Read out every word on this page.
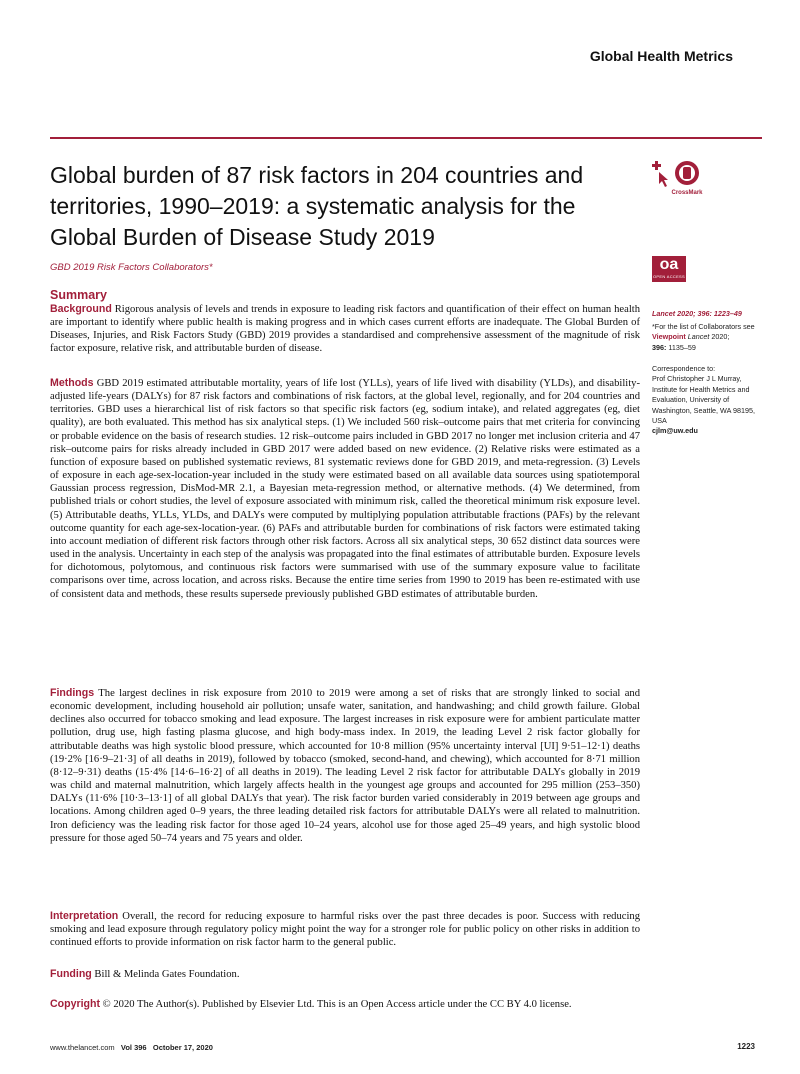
Global Health Metrics
Global burden of 87 risk factors in 204 countries and territories, 1990–2019: a systematic analysis for the Global Burden of Disease Study 2019
CrossMark
GBD 2019 Risk Factors Collaborators*	oa
OPEN ACCESS
Summary

Background Rigorous analysis of levels and trends in exposure to leading risk factors and quantification of their effect on human health are important to identify where public health is making progress and in which cases current efforts are inadequate. The Global Burden of Diseases, Injuries, and Risk Factors Study (GBD) 2019 provides a standardised and comprehensive assessment of the magnitude of risk factor exposure, relative risk, and attributable burden of disease.

Methods GBD 2019 estimated attributable mortality, years of life lost (YLLs), years of life lived with disability (YLDs), and disability-adjusted life-years (DALYs) for 87 risk factors and combinations of risk factors, at the global level, regionally, and for 204 countries and territories. GBD uses a hierarchical list of risk factors so that specific risk factors (eg, sodium intake), and related aggregates (eg, diet quality), are both evaluated. This method has six analytical steps. (1) We included 560 risk–outcome pairs that met criteria for convincing or probable evidence on the basis of research studies. 12 risk–outcome pairs included in GBD 2017 no longer met inclusion criteria and 47 risk–outcome pairs for risks already included in GBD 2017 were added based on new evidence. (2) Relative risks were estimated as a function of exposure based on published systematic reviews, 81 systematic reviews done for GBD 2019, and meta-regression. (3) Levels of exposure in each age-sex-location-year included in the study were estimated based on all available data sources using spatiotemporal Gaussian process regression, DisMod-MR 2.1, a Bayesian meta-regression method, or alternative methods. (4) We determined, from published trials or cohort studies, the level of exposure associated with minimum risk, called the theoretical minimum risk exposure level. (5) Attributable deaths, YLLs, YLDs, and DALYs were computed by multiplying population attributable fractions (PAFs) by the relevant outcome quantity for each age-sex-location-year. (6) PAFs and attributable burden for combinations of risk factors were estimated taking into account mediation of different risk factors through other risk factors. Across all six analytical steps, 30 652 distinct data sources were used in the analysis. Uncertainty in each step of the analysis was propagated into the final estimates of attributable burden. Exposure levels for dichotomous, polytomous, and continuous risk factors were summarised with use of the summary exposure value to facilitate comparisons over time, across location, and across risks. Because the entire time series from 1990 to 2019 has been re-estimated with use of consistent data and methods, these results supersede previously published GBD estimates of attributable burden.

Findings The largest declines in risk exposure from 2010 to 2019 were among a set of risks that are strongly linked to social and economic development, including household air pollution; unsafe water, sanitation, and handwashing; and child growth failure. Global declines also occurred for tobacco smoking and lead exposure. The largest increases in risk exposure were for ambient particulate matter pollution, drug use, high fasting plasma glucose, and high body-mass index. In 2019, the leading Level 2 risk factor globally for attributable deaths was high systolic blood pressure, which accounted for 10·8 million (95% uncertainty interval [UI] 9·51–12·1) deaths (19·2% [16·9–21·3] of all deaths in 2019), followed by tobacco (smoked, second-hand, and chewing), which accounted for 8·71 million (8·12–9·31) deaths (15·4% [14·6–16·2] of all deaths in 2019). The leading Level 2 risk factor for attributable DALYs globally in 2019 was child and maternal malnutrition, which largely affects health in the youngest age groups and accounted for 295 million (253–350) DALYs (11·6% [10·3–13·1] of all global DALYs that year). The risk factor burden varied considerably in 2019 between age groups and locations. Among children aged 0–9 years, the three leading detailed risk factors for attributable DALYs were all related to malnutrition. Iron deficiency was the leading risk factor for those aged 10–24 years, alcohol use for those aged 25–49 years, and high systolic blood pressure for those aged 50–74 years and 75 years and older.

Interpretation Overall, the record for reducing exposure to harmful risks over the past three decades is poor. Success with reducing smoking and lead exposure through regulatory policy might point the way for a stronger role for public policy on other risks in addition to continued efforts to provide information on risk factor harm to the general public.

Funding Bill & Melinda Gates Foundation.

Copyright © 2020 The Author(s). Published by Elsevier Ltd. This is an Open Access article under the CC BY 4.0 license.

Lancet 2020; 396: 1223–49
*For the list of Collaborators see Viewpoint Lancet 2020;
396: 1135–59
Correspondence to:
Prof Christopher J L Murray,
Institute for Health Metrics and Evaluation, University of Washington, Seattle, WA 98195, USA
cjlm@uw.edu
www.thelancet.com Vol 396 October 17, 2020	1223
